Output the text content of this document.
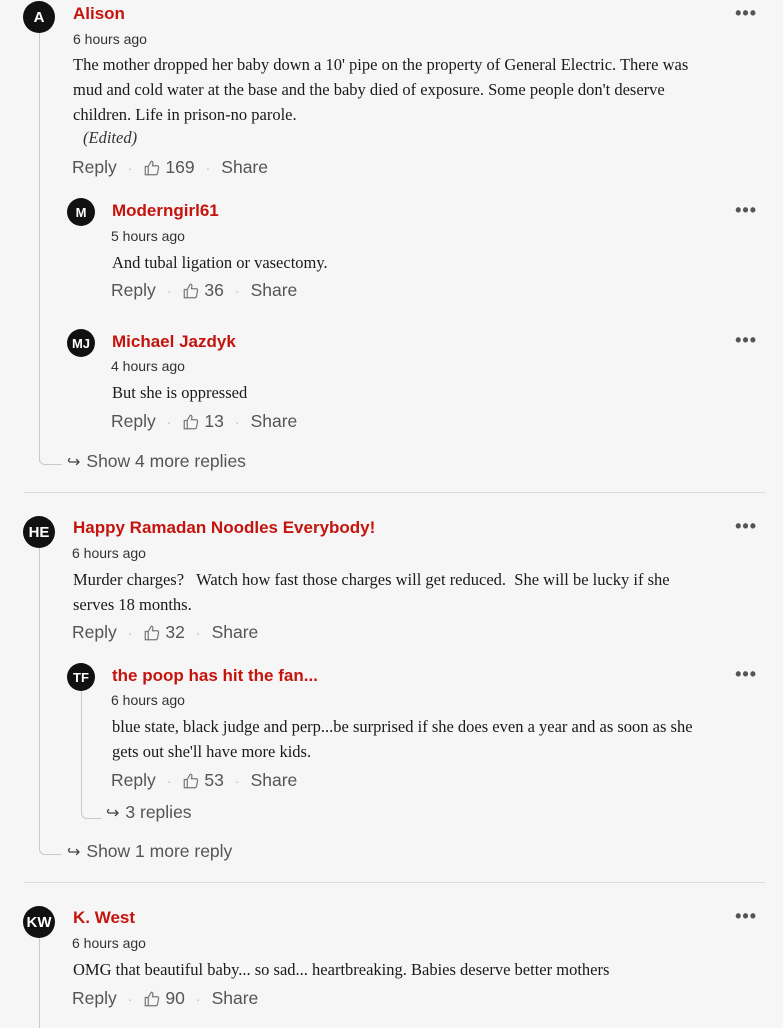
A	Alison	•••
6 hours ago
The mother dropped her baby down a 10' pipe on the property of General Electric. There was
mud and cold water at the base and the baby died of exposure. Some people don't deserve
children. Life in prison-no parole.
(Edited)
Reply · 169 · Share
M	Moderngirl61	•••
5 hours ago
And tubal ligation or vasectomy.
Reply · 36 · Share
MJ Michael Jazdyk	•••
4 hours ago
But she is oppressed
Reply · 13 · Share
↪ Show 4 more replies
HE	Happy Ramadan Noodles Everybody!	•••
6 hours ago
Murder charges?   Watch how fast those charges will get reduced.  She will be lucky if she
serves 18 months.
Reply · 32 · Share
TF	the poop has hit the fan...	•••
6 hours ago
blue state, black judge and perp...be surprised if she does even a year and as soon as she
gets out she'll have more kids.
Reply · 53 · Share
↪ 3 replies
↪ Show 1 more reply
KW K. West	•••
6 hours ago
OMG that beautiful baby... so sad... heartbreaking. Babies deserve better mothers
Reply · 90 · Share
